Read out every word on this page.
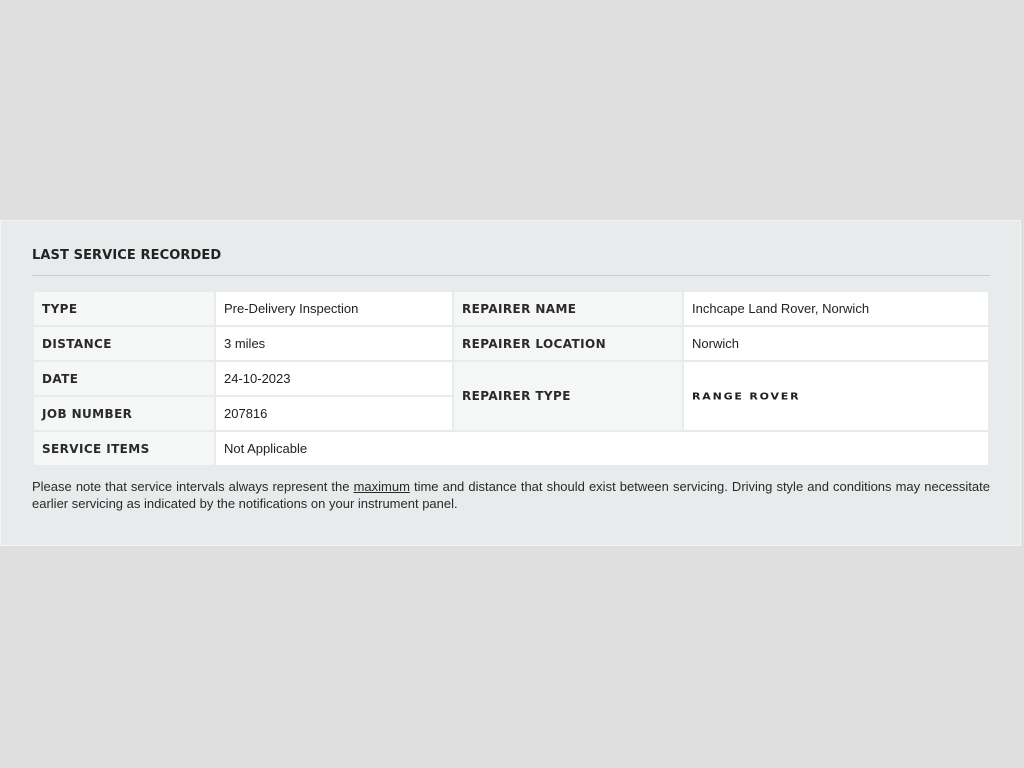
LAST SERVICE RECORDED
TYPE	Pre-Delivery Inspection	REPAIRER NAME	Inchcape Land Rover, Norwich
DISTANCE	3 miles	REPAIRER LOCATION	Norwich
DATE	24-10-2023
REPAIRER TYPE	RANGE ROVER
JOB NUMBER	207816
SERVICE ITEMS	Not Applicable
Please note that service intervals always represent the maximum time and distance that should exist between servicing. Driving style and conditions may necessitate earlier servicing as indicated by the notifications on your instrument panel.
